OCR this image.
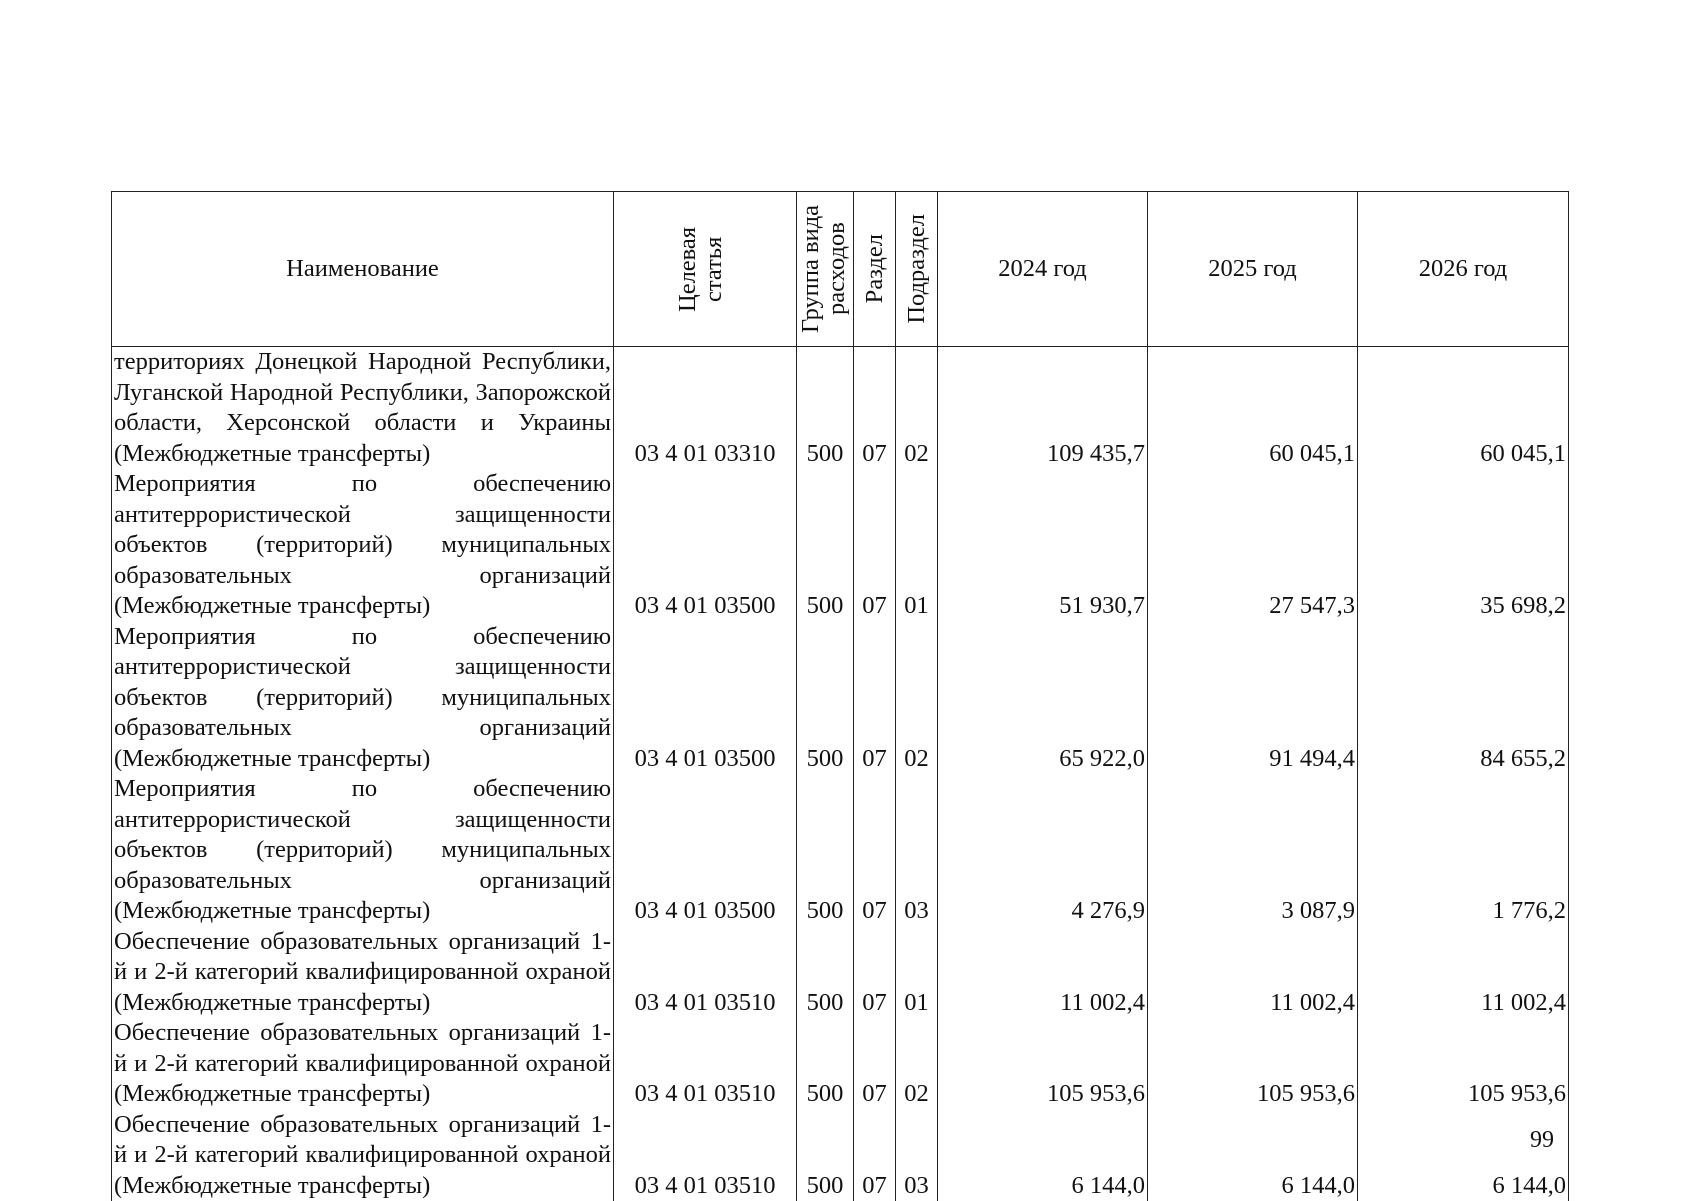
Наименование	Целевая статья	Группа вида расходов	Раздел	Подраздел	2024 год	2025 год	2026 год
территориях Донецкой Народной Республики, Луганской Народной Республики, Запорожской области, Херсонской области и Украины (Межбюджетные трансферты)	03 4 01 03310	500	07	02	109 435,7	60 045,1	60 045,1
Мероприятия по обеспечению антитеррористической защищенности объектов (территорий) муниципальных образовательных организаций (Межбюджетные трансферты)	03 4 01 03500	500	07	01	51 930,7	27 547,3	35 698,2
Мероприятия по обеспечению антитеррористической защищенности объектов (территорий) муниципальных образовательных организаций (Межбюджетные трансферты)	03 4 01 03500	500	07	02	65 922,0	91 494,4	84 655,2
Мероприятия по обеспечению антитеррористической защищенности объектов (территорий) муниципальных образовательных организаций (Межбюджетные трансферты)	03 4 01 03500	500	07	03	4 276,9	3 087,9	1 776,2
Обеспечение образовательных организаций 1-й и 2-й категорий квалифицированной охраной (Межбюджетные трансферты)	03 4 01 03510	500	07	01	11 002,4	11 002,4	11 002,4
Обеспечение образовательных организаций 1-й и 2-й категорий квалифицированной охраной (Межбюджетные трансферты)	03 4 01 03510	500	07	02	105 953,6	105 953,6	105 953,6
Обеспечение образовательных организаций 1-й и 2-й категорий квалифицированной охраной (Межбюджетные трансферты)	03 4 01 03510	500	07	03	6 144,0	6 144,0	6 144,0
99
